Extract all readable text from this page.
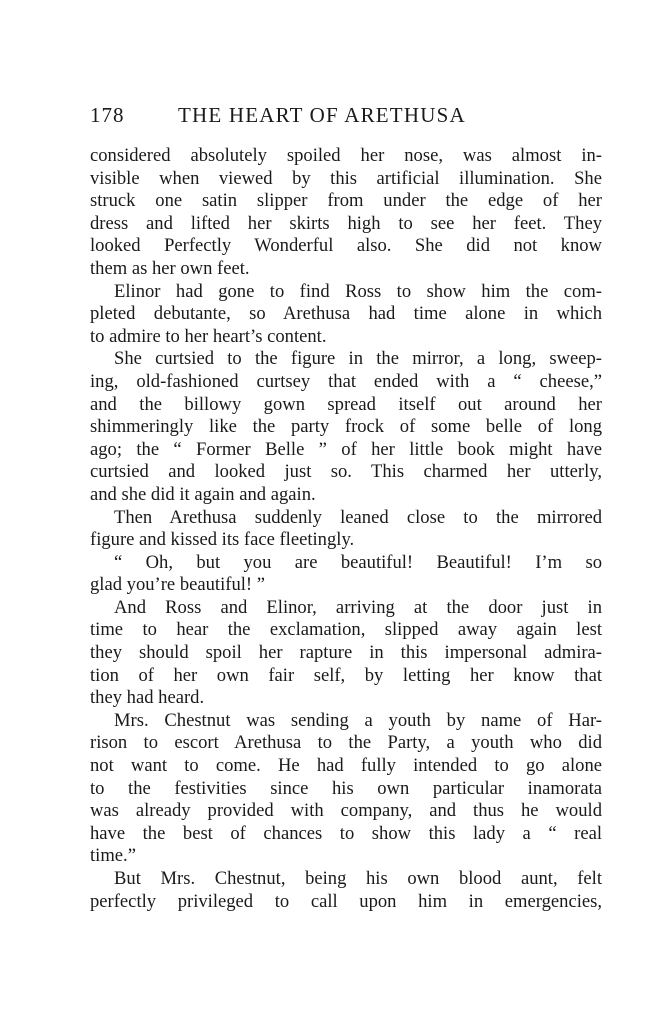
178	THE HEART OF ARETHUSA
considered absolutely spoiled her nose, was almost in-
visible when viewed by this artificial illumination. She
struck one satin slipper from under the edge of her
dress and lifted her skirts high to see her feet. They
looked Perfectly Wonderful also. She did not know
them as her own feet.
Elinor had gone to find Ross to show him the com-
pleted debutante, so Arethusa had time alone in which
to admire to her heart’s content.
She curtsied to the figure in the mirror, a long, sweep-
ing, old-fashioned curtsey that ended with a “ cheese,”
and the billowy gown spread itself out around her
shimmeringly like the party frock of some belle of long
ago; the “ Former Belle ” of her little book might have
curtsied and looked just so. This charmed her utterly,
and she did it again and again.
Then Arethusa suddenly leaned close to the mirrored
figure and kissed its face fleetingly.
“ Oh, but you are beautiful! Beautiful! I’m so
glad you’re beautiful! ”
And Ross and Elinor, arriving at the door just in
time to hear the exclamation, slipped away again lest
they should spoil her rapture in this impersonal admira-
tion of her own fair self, by letting her know that
they had heard.
Mrs. Chestnut was sending a youth by name of Har-
rison to escort Arethusa to the Party, a youth who did
not want to come. He had fully intended to go alone
to the festivities since his own particular inamorata
was already provided with company, and thus he would
have the best of chances to show this lady a “ real
time.”
But Mrs. Chestnut, being his own blood aunt, felt
perfectly privileged to call upon him in emergencies,
